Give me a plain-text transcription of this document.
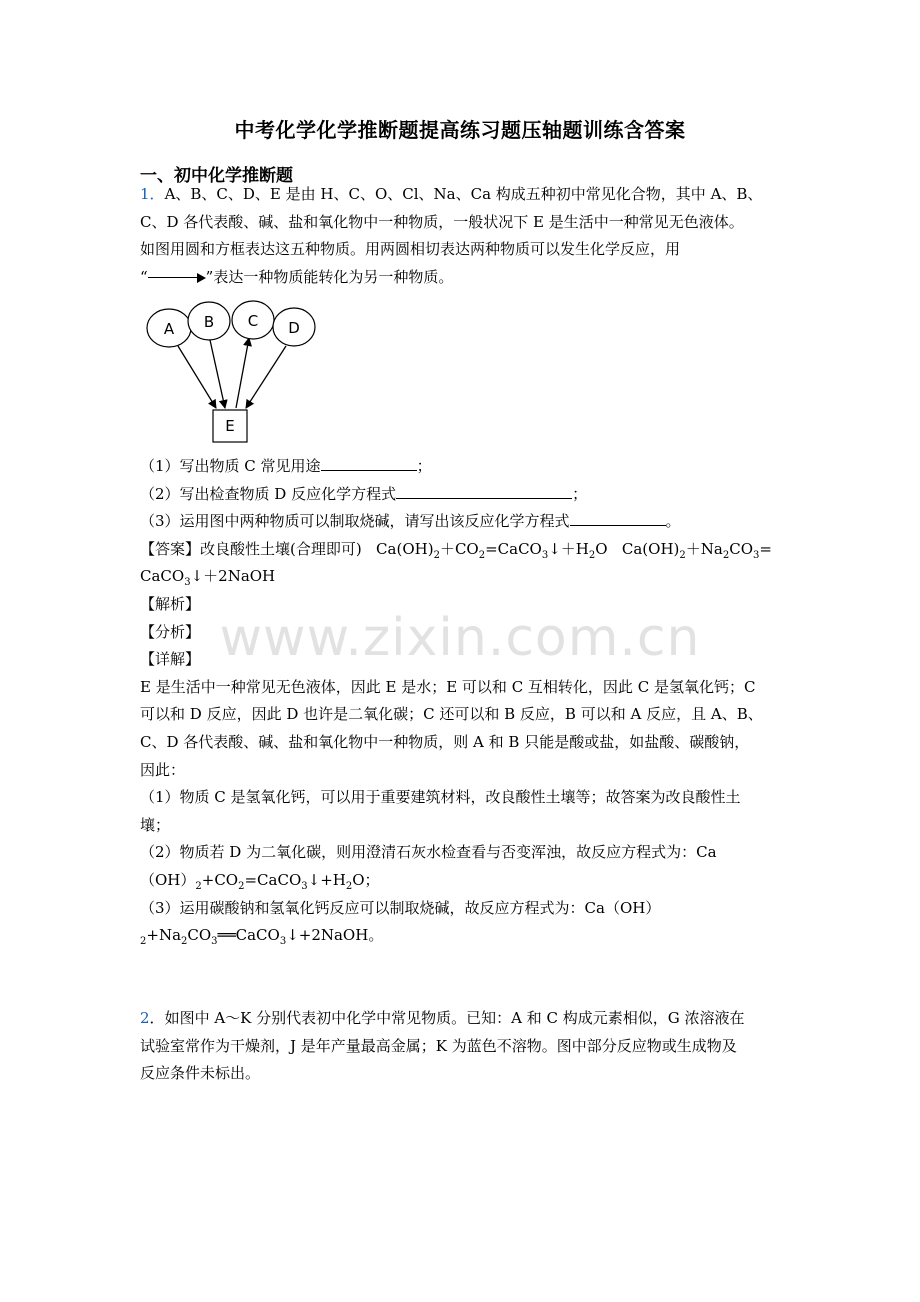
www.zixin.com.cn
中考化学化学推断题提高练习题压轴题训练含答案
一、初中化学推断题
1．A、B、C、D、E 是由 H、C、O、Cl、Na、Ca 构成五种初中常见化合物，其中 A、B、
C、D 各代表酸、碱、盐和氧化物中一种物质，一般状况下 E 是生活中一种常见无色液体。
如图用圆和方框表达这五种物质。用两圆相切表达两种物质可以发生化学反应，用
“	”表达一种物质能转化为另一种物质。
A B C D
E
（1）写出物质 C 常见用途	；
（2）写出检查物质 D 反应化学方程式	；
（3）运用图中两种物质可以制取烧碱，请写出该反应化学方程式	。
【答案】改良酸性土壤(合理即可) $Ca(OH)_2+CO_2=CaCO_3↓+H_2O$ $Ca(OH)_2+Na_2CO_3=$
CaCO$_3$↓＋2NaOH
【解析】
【分析】
【详解】
E 是生活中一种常见无色液体，因此 E 是水；E 可以和 C 互相转化，因此 C 是氢氧化钙；C
可以和 D 反应，因此 D 也许是二氧化碳；C 还可以和 B 反应，B 可以和 A 反应，且 A、B、
C、D 各代表酸、碱、盐和氧化物中一种物质，则 A 和 B 只能是酸或盐，如盐酸、碳酸钠，
因此：
（1）物质 C 是氢氧化钙，可以用于重要建筑材料，改良酸性土壤等；故答案为改良酸性土
壤；
（2）物质若 D 为二氧化碳，则用澄清石灰水检查看与否变浑浊，故反应方程式为：Ca
$(OH)_2+CO_2=CaCO_3↓+H_2O$；
（3）运用碳酸钠和氢氧化钙反应可以制取烧碱，故反应方程式为：Ca（OH）
$_2+Na_2CO_3══CaCO_3↓+2NaOH$。
2．如图中 A～K 分别代表初中化学中常见物质。已知：A 和 C 构成元素相似，G 浓溶液在
试验室常作为干燥剂，J 是年产量最高金属；K 为蓝色不溶物。图中部分反应物或生成物及
反应条件未标出。
